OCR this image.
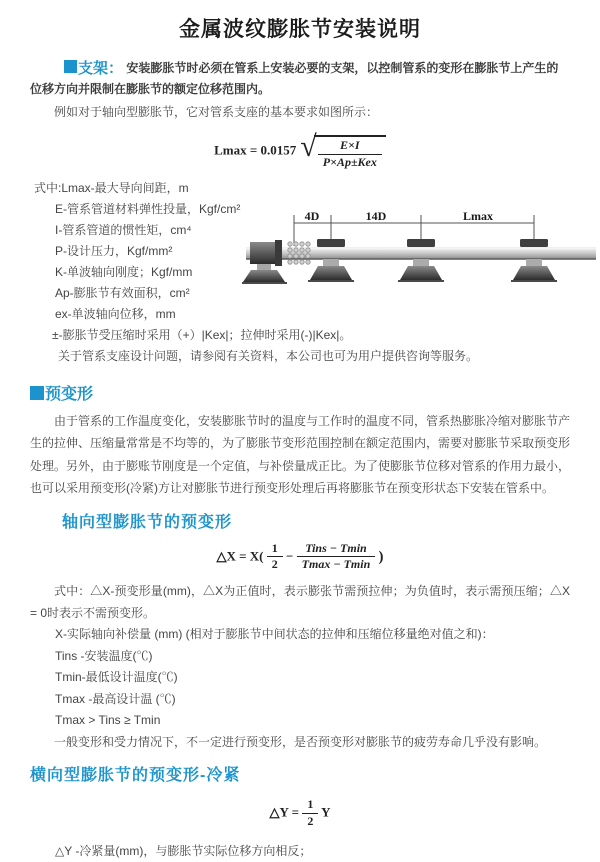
金属波纹膨胀节安装说明

支架： 安装膨胀节时必须在管系上安装必要的支架，以控制管系的变形在膨胀节上产生的位移方向并限制在膨胀节的额定位移范围内。

例如对于轴向型膨胀节，它对管系支座的基本要求如图所示：

Lmax = 0.0157 √ $\frac{E\times I}{\text{P×Ap±Kex}}$
式中:Lmax-最大导向间距，m
E-管系管道材料弹性投量，Kgf/cm²
I-管系管道的惯性矩，cm⁴
P-设计压力，Kgf/mm²
K-单波轴向刚度；Kgf/mm
Ap-膨胀节有效面积，cm²
ex-单波轴向位移，mm
±-膨胀节受压缩时采用（+）|Kex|；拉伸时采用(-)|Kex|。
关于管系支座设计问题，请参阅有关资料，本公司也可为用户提供咨询等服务。
4D	14D	Lmax
预变形

由于管系的工作温度变化，安装膨胀节时的温度与工作时的温度不同，管系热膨胀冷缩对膨胀节产生的拉伸、压缩量常常是不均等的，为了膨胀节变形范围控制在额定范围内，需要对膨胀节采取预变形处理。另外，由于膨账节刚度是一个定值，与补偿量成正比。为了使膨胀节位移对管系的作用力最小，也可以采用预变形(冷紧)方让对膨胀节进行预变形处理后再将膨胀节在预变形状态下安装在管系中。

轴向型膨胀节的预变形
△X = $X( \frac{1}{2} - \frac{\text{Tins − Tmin}}{Tmax - Tmin}$ )

式中：△X-预变形量(mm)，△X为正值时，表示膨张节需预拉伸；为负值时，表示需预压缩；△X = 0时表示不需预变形。

X-实际轴向补偿量 (mm) (相对于膨胀节中间状态的拉伸和压缩位移量绝对值之和)：
Tins -安装温度(℃)
Tmin-最低设计温度(℃)
Tmax -最高设计温 (℃)
Tmax > Tins ≥ Tmin

一般变形和受力情况下，不一定进行预变形，是否预变形对膨胀节的疲劳寿命几乎没有影响。

横向型膨胀节的预变形-冷紧
△Y = $\frac{1}{2}$ Y
△Y -冷紧量(mm)，与膨胀节实际位移方向相反；
